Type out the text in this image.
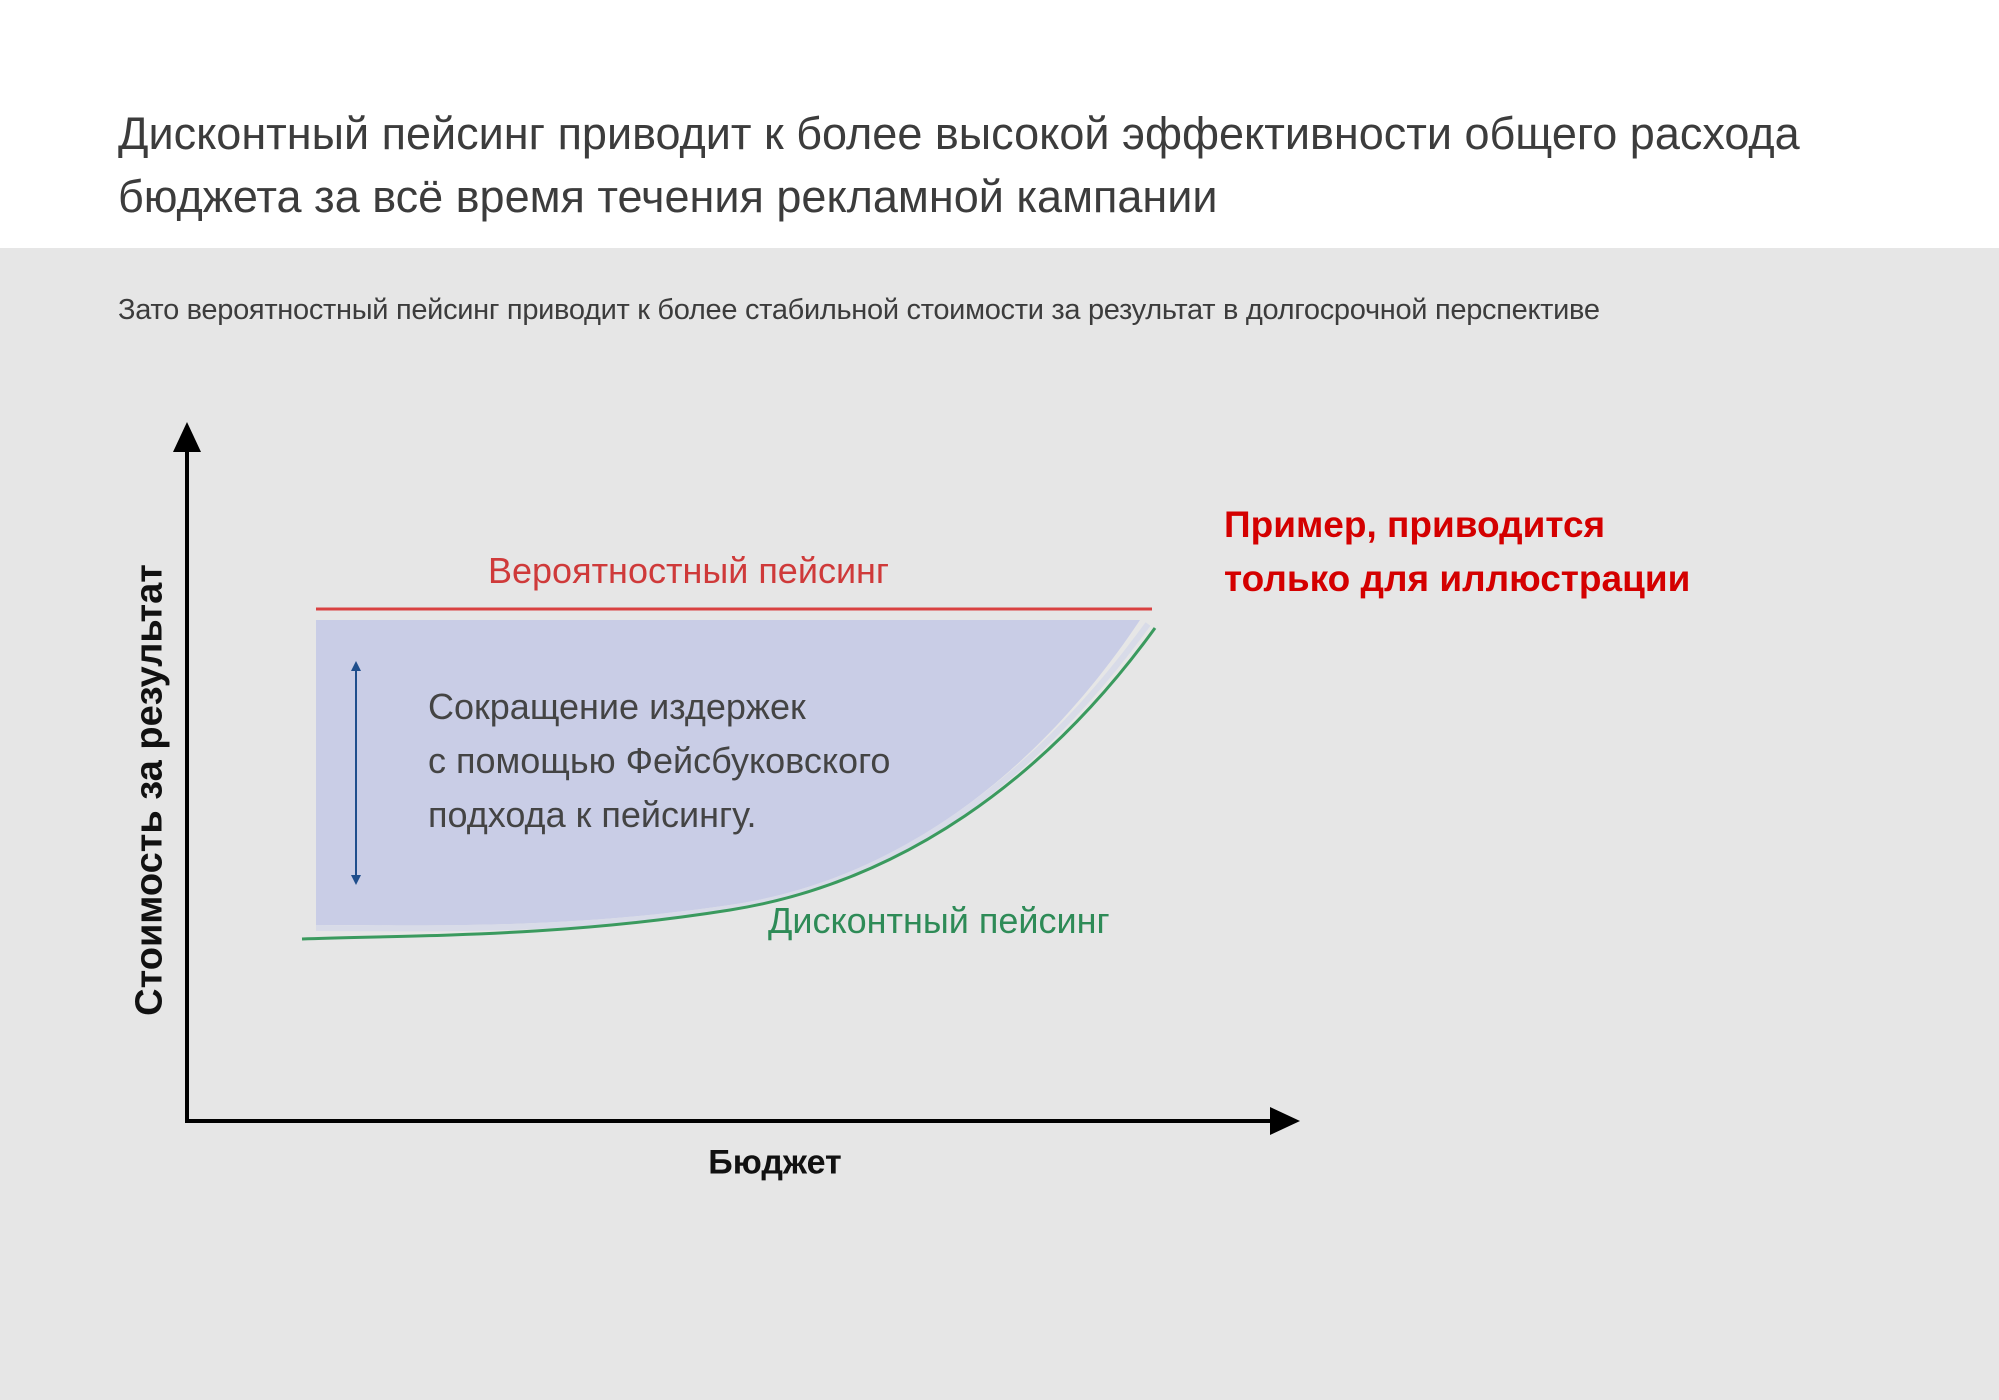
Дисконтный пейсинг приводит к более высокой эффективности общего расхода
бюджета за всё время течения рекламной кампании
Зато вероятностный пейсинг приводит к более стабильной стоимости за результат в долгосрочной перспективе
Стоимость за результат
Бюджет
Вероятностный пейсинг
Дисконтный пейсинг
Сокращение издержек
с помощью Фейсбуковского
подхода к пейсингу.
Пример, приводится
только для иллюстрации
